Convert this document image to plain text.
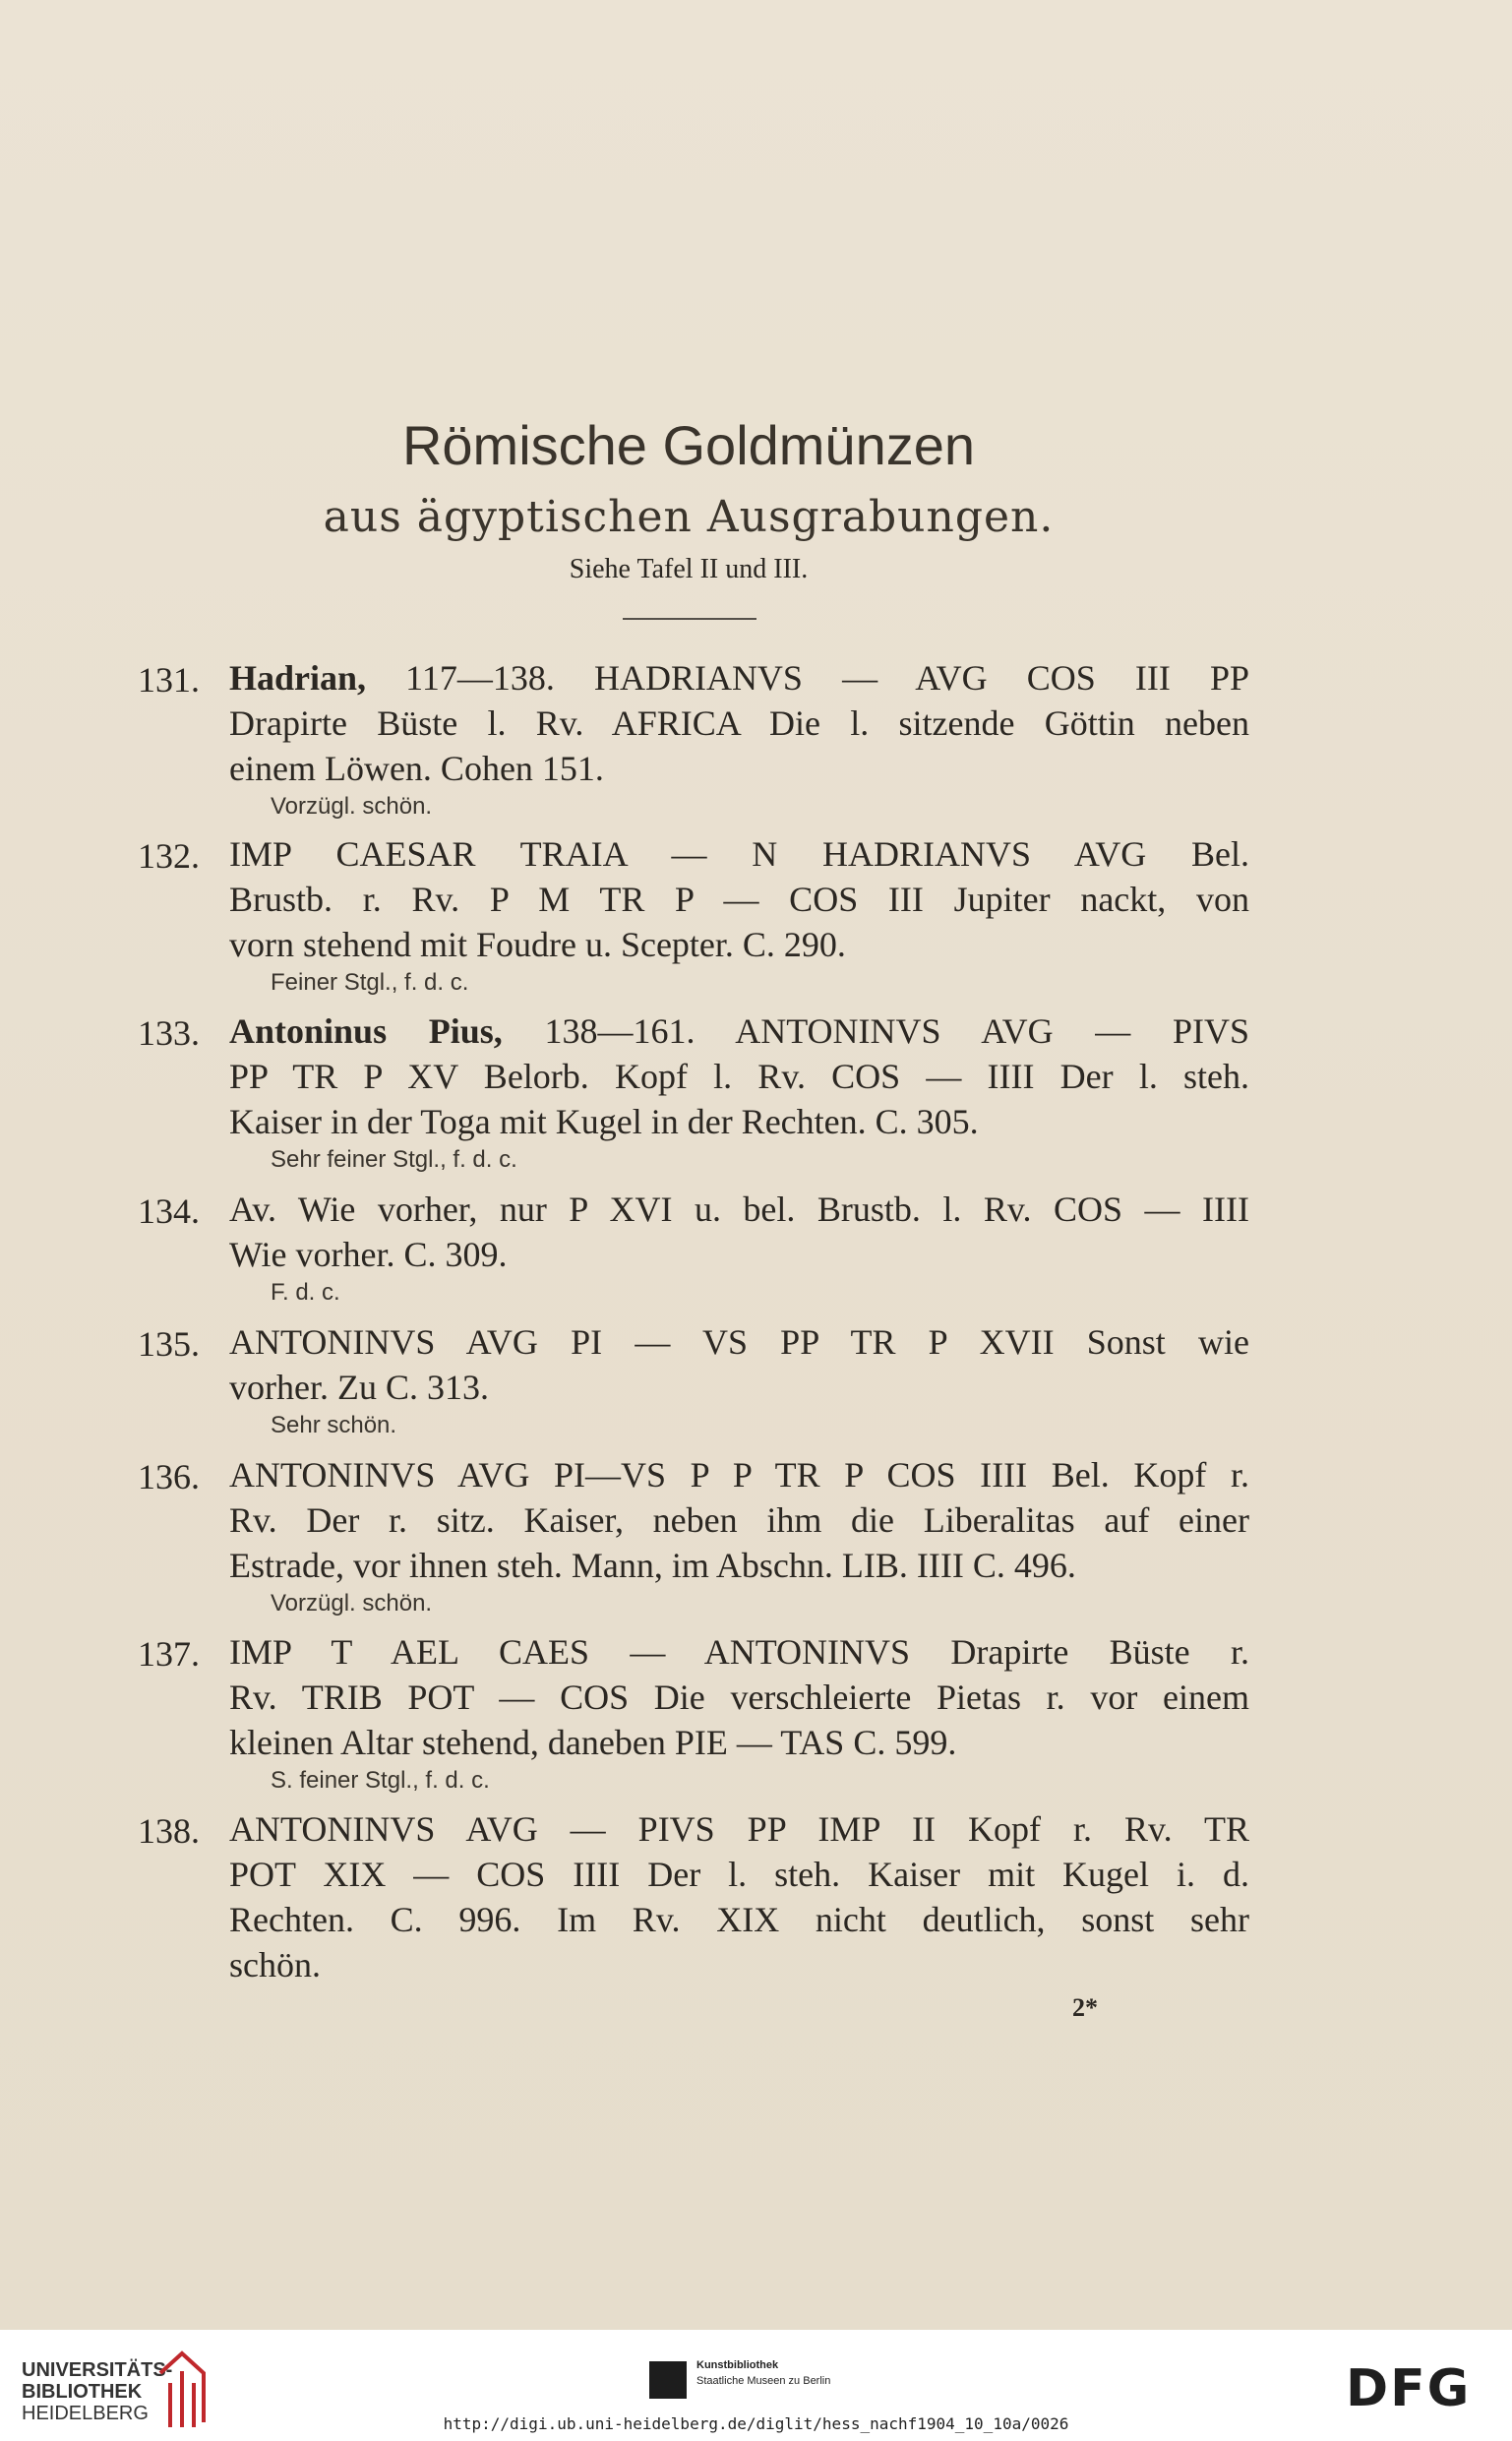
Römische Goldmünzen
aus ägyptischen Ausgrabungen.
Siehe Tafel II und III.
131. Hadrian, 117—138. HADRIANVS — AVG COS III PP
Drapirte Büste l. Rv. AFRICA Die l. sitzende Göttin neben
einem Löwen. Cohen 151.
Vorzügl. schön.
132. IMP CAESAR TRAIA — N HADRIANVS AVG Bel.
Brustb. r. Rv. P M TR P — COS III Jupiter nackt, von
vorn stehend mit Foudre u. Scepter. C. 290.
Feiner Stgl., f. d. c.
133. Antoninus Pius, 138—161. ANTONINVS AVG — PIVS
PP TR P XV Belorb. Kopf l. Rv. COS — IIII Der l. steh.
Kaiser in der Toga mit Kugel in der Rechten. C. 305.
Sehr feiner Stgl., f. d. c.
134. Av. Wie vorher, nur P XVI u. bel. Brustb. l. Rv. COS — IIII
Wie vorher. C. 309.
F. d. c.
135. ANTONINVS AVG PI — VS PP TR P XVII Sonst wie
vorher. Zu C. 313.
Sehr schön.
136. ANTONINVS AVG PI—VS P P TR P COS IIII Bel. Kopf r.
Rv. Der r. sitz. Kaiser, neben ihm die Liberalitas auf einer
Estrade, vor ihnen steh. Mann, im Abschn. LIB. IIII C. 496.
Vorzügl. schön.
137. IMP T AEL CAES — ANTONINVS Drapirte Büste r.
Rv. TRIB POT — COS Die verschleierte Pietas r. vor einem
kleinen Altar stehend, daneben PIE — TAS C. 599.
S. feiner Stgl., f. d. c.
138. ANTONINVS AVG — PIVS PP IMP II Kopf r. Rv. TR
POT XIX — COS IIII Der l. steh. Kaiser mit Kugel i. d.
Rechten. C. 996. Im Rv. XIX nicht deutlich, sonst sehr
schön.
2*
UNIVERSITÄTS-
BIBLIOTHEK
HEIDELBERG
Kunstbibliothek
Staatliche Museen zu Berlin	DFG
http://digi.ub.uni-heidelberg.de/diglit/hess_nachf1904_10_10a/0026
